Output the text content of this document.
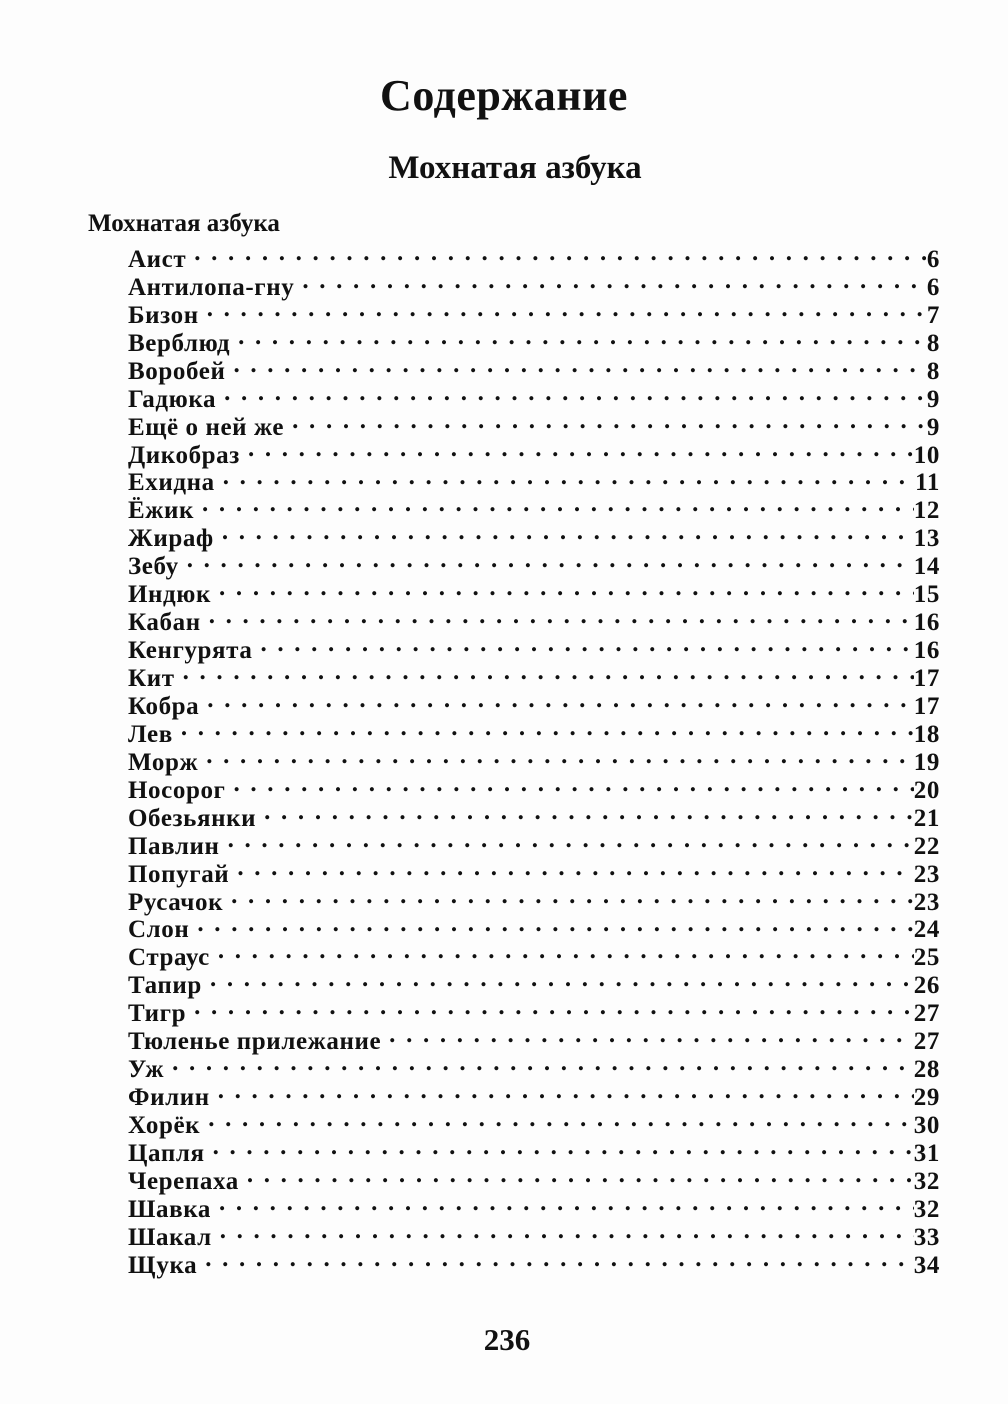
Содержание
Мохнатая азбука
Мохнатая азбука
Аист . . .	6
Антилопа-гну . . .	6
Бизон . . .	7
Верблюд . . .	8
Воробей . . .	8
Гадюка . . .	9
Ещё о ней же . . .	9
Дикобраз . . .	10
Ехидна . . .	11
Ёжик . . .	12
Жираф . . .	13
Зебу . . .	14
Индюк . . .	15
Кабан . . .	16
Кенгурята . . .	16
Кит . . .	17
Кобра . . .	17
Лев . . .	18
Морж . . .	19
Носорог . . .	20
Обезьянки . . .	21
Павлин . . .	22
Попугай . . .	23
Русачок . . .	23
Слон . . .	24
Страус . . .	25
Тапир . . .	26
Тигр . . .	27
Тюленье прилежание . . .	27
Уж . . .	28
Филин . . .	29
Хорёк . . .	30
Цапля . . .	31
Черепаха . . .	32
Шавка . . .	32
Шакал . . .	33
Щука . . .	34
236
